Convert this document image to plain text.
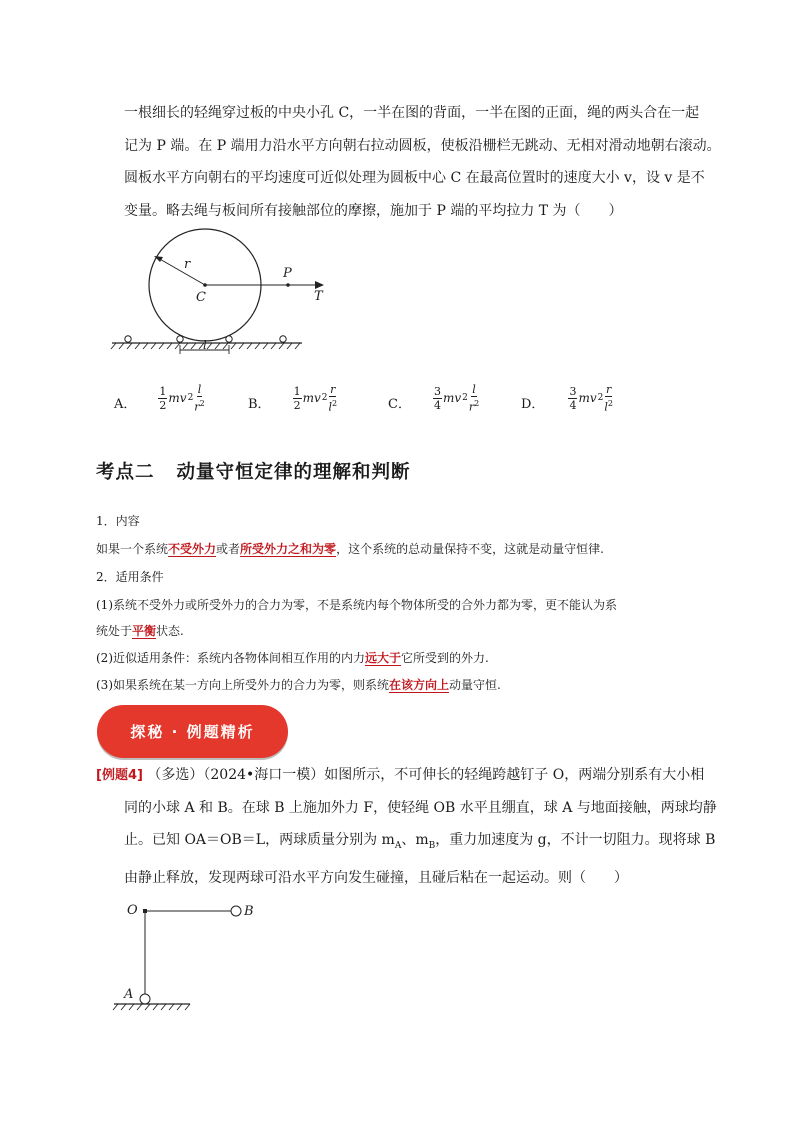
一根细长的轻绳穿过板的中央小孔 C，一半在图的背面，一半在图的正面，绳的两头合在一起
记为 P 端。在 P 端用力沿水平方向朝右拉动圆板，使板沿栅栏无跳动、无相对滑动地朝右滚动。
圆板水平方向朝右的平均速度可近似处理为圆板中心 C 在最高位置时的速度大小 v，设 v 是不
变量。略去绳与板间所有接触部位的摩擦，施加于 P 端的平均拉力 T 为（　　）
r
C
P
T
l
A． $\frac{1}{2}$ mv $2 \frac{l}{r^2}$	B． $\frac{1}{2}$ mv $2 \frac{r}{l^2}$	C． $\frac{3}{4}$ mv $2 \frac{l}{r^2}$	D． $\frac{3}{4}$ mv $2 \frac{r}{l^2}$
考点二 动量守恒定律的理解和判断
1．内容
如果一个系统不受外力或者所受外力之和为零，这个系统的总动量保持不变，这就是动量守恒律.
2．适用条件
(1)系统不受外力或所受外力的合力为零，不是系统内每个物体所受的合外力都为零，更不能认为系
统处于平衡状态.
(2)近似适用条件：系统内各物体间相互作用的内力远大于它所受到的外力.
(3)如果系统在某一方向上所受外力的合力为零，则系统在该方向上动量守恒.
探秘 · 例题精析
[例题4] （多选）（2024•海口一模）如图所示，不可伸长的轻绳跨越钉子 O，两端分别系有大小相
同的小球 A 和 B。在球 B 上施加外力 F，使轻绳 OB 水平且绷直，球 A 与地面接触，两球均静
止。已知 OA＝OB＝L，两球质量分别为 $m_A$、$m_B$，重力加速度为 g，不计一切阻力。现将球 B
由静止释放，发现两球可沿水平方向发生碰撞，且碰后粘在一起运动。则（　　）
O	B
A
